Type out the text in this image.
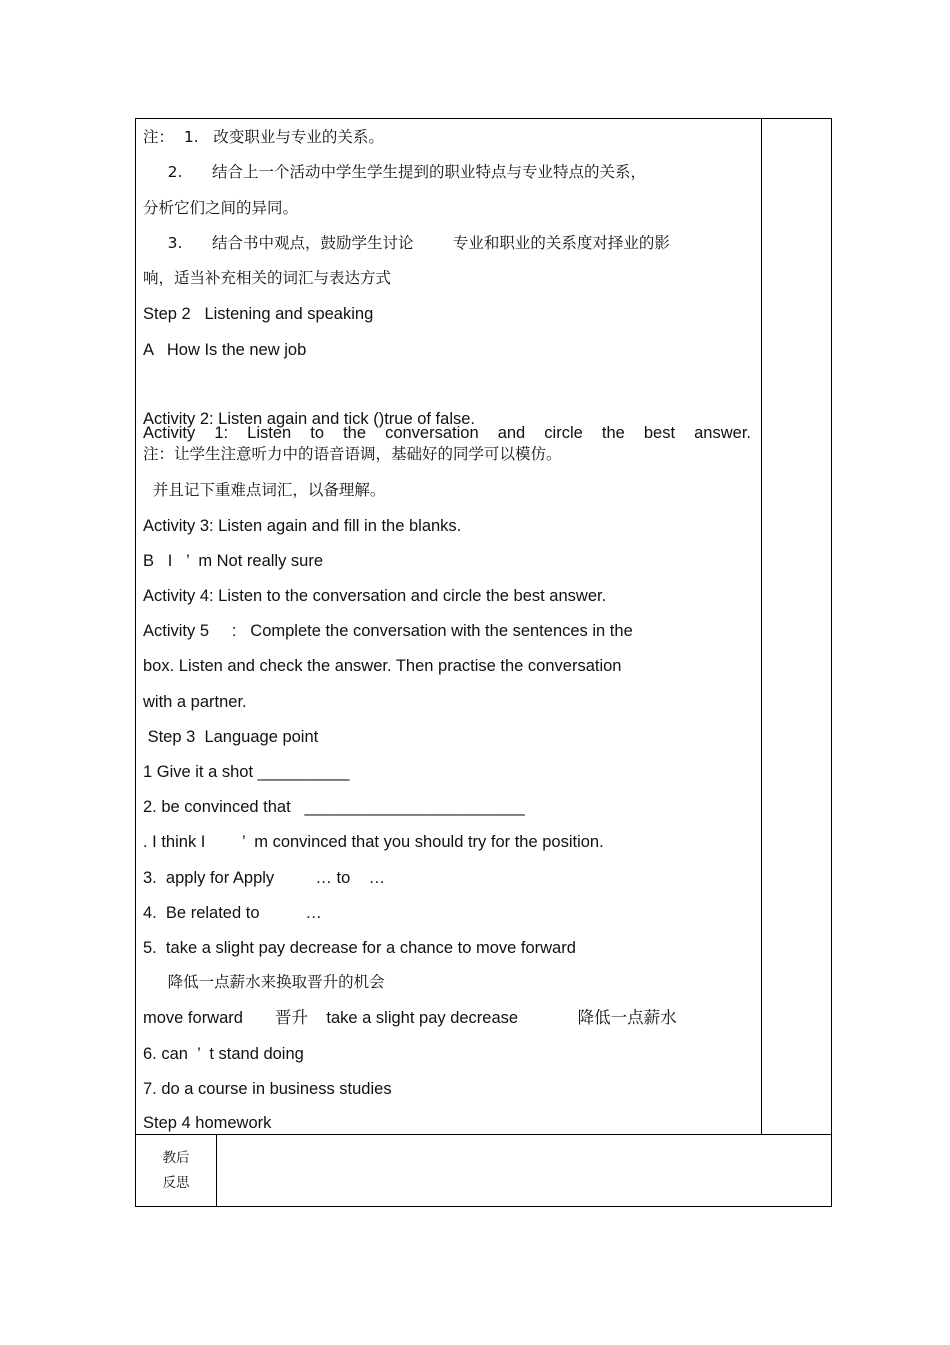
注：  1.   改变职业与专业的关系。
2.      结合上一个活动中学生学生提到的职业特点与专业特点的关系，
分析它们之间的异同。
3.      结合书中观点，鼓励学生讨论        专业和职业的关系度对择业的影
响，适当补充相关的词汇与表达方式
Step 2   Listening and speaking
A   How Is the new job

Activity 1: Listen to the conversation and circle the best answer.

Activity 2: Listen again and tick ()true of false.
注：让学生注意听力中的语音语调，基础好的同学可以模仿。
并且记下重难点词汇，以备理解。
Activity 3: Listen again and fill in the blanks.
B   I   ’  m Not really sure
Activity 4: Listen to the conversation and circle the best answer.
Activity 5     :   Complete the conversation with the sentences in the
box. Listen and check the answer. Then practise the conversation
with a partner.
Step 3  Language point
1 Give it a shot __________
2. be convinced that   ________________________
. I think I        ’  m convinced that you should try for the position.
3.  apply for Apply         … to    …
4.  Be related to          …
5.  take a slight pay decrease for a chance to move forward
降低一点薪水来换取晋升的机会
move forward       晋升    take a slight pay decrease             降低一点薪水
6. can  ’  t stand doing
7. do a course in business studies
Step 4 homework
教后
反思
